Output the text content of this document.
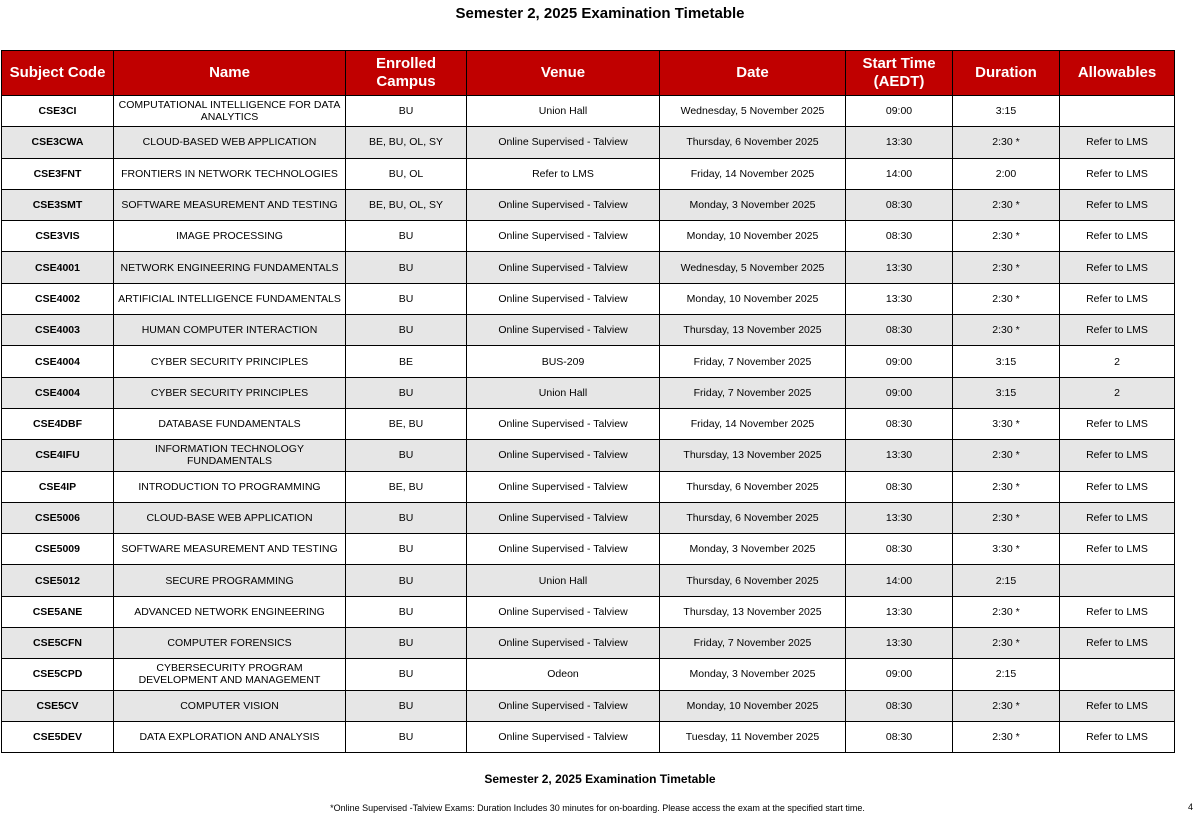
Semester 2, 2025 Examination Timetable
Subject Code	Name	Enrolled Campus	Venue	Date	Start Time (AEDT)	Duration	Allowables
CSE3CI	COMPUTATIONAL INTELLIGENCE FOR DATA ANALYTICS	BU	Union Hall	Wednesday, 5 November 2025	09:00	3:15	
CSE3CWA	CLOUD-BASED WEB APPLICATION	BE, BU, OL, SY	Online Supervised - Talview	Thursday, 6 November 2025	13:30	2:30 *	Refer to LMS
CSE3FNT	FRONTIERS IN NETWORK TECHNOLOGIES	BU, OL	Refer to LMS	Friday, 14 November 2025	14:00	2:00	Refer to LMS
CSE3SMT	SOFTWARE MEASUREMENT AND TESTING	BE, BU, OL, SY	Online Supervised - Talview	Monday, 3 November 2025	08:30	2:30 *	Refer to LMS
CSE3VIS	IMAGE PROCESSING	BU	Online Supervised - Talview	Monday, 10 November 2025	08:30	2:30 *	Refer to LMS
CSE4001	NETWORK ENGINEERING FUNDAMENTALS	BU	Online Supervised - Talview	Wednesday, 5 November 2025	13:30	2:30 *	Refer to LMS
CSE4002	ARTIFICIAL INTELLIGENCE FUNDAMENTALS	BU	Online Supervised - Talview	Monday, 10 November 2025	13:30	2:30 *	Refer to LMS
CSE4003	HUMAN COMPUTER INTERACTION	BU	Online Supervised - Talview	Thursday, 13 November 2025	08:30	2:30 *	Refer to LMS
CSE4004	CYBER SECURITY PRINCIPLES	BE	BUS-209	Friday, 7 November 2025	09:00	3:15	2
CSE4004	CYBER SECURITY PRINCIPLES	BU	Union Hall	Friday, 7 November 2025	09:00	3:15	2
CSE4DBF	DATABASE FUNDAMENTALS	BE, BU	Online Supervised - Talview	Friday, 14 November 2025	08:30	3:30 *	Refer to LMS
CSE4IFU	INFORMATION TECHNOLOGY FUNDAMENTALS	BU	Online Supervised - Talview	Thursday, 13 November 2025	13:30	2:30 *	Refer to LMS
CSE4IP	INTRODUCTION TO PROGRAMMING	BE, BU	Online Supervised - Talview	Thursday, 6 November 2025	08:30	2:30 *	Refer to LMS
CSE5006	CLOUD-BASE WEB APPLICATION	BU	Online Supervised - Talview	Thursday, 6 November 2025	13:30	2:30 *	Refer to LMS
CSE5009	SOFTWARE MEASUREMENT AND TESTING	BU	Online Supervised - Talview	Monday, 3 November 2025	08:30	3:30 *	Refer to LMS
CSE5012	SECURE PROGRAMMING	BU	Union Hall	Thursday, 6 November 2025	14:00	2:15	
CSE5ANE	ADVANCED NETWORK ENGINEERING	BU	Online Supervised - Talview	Thursday, 13 November 2025	13:30	2:30 *	Refer to LMS
CSE5CFN	COMPUTER FORENSICS	BU	Online Supervised - Talview	Friday, 7 November 2025	13:30	2:30 *	Refer to LMS
CSE5CPD	CYBERSECURITY PROGRAM DEVELOPMENT AND MANAGEMENT	BU	Odeon	Monday, 3 November 2025	09:00	2:15	
CSE5CV	COMPUTER VISION	BU	Online Supervised - Talview	Monday, 10 November 2025	08:30	2:30 *	Refer to LMS
CSE5DEV	DATA EXPLORATION AND ANALYSIS	BU	Online Supervised - Talview	Tuesday, 11 November 2025	08:30	2:30 *	Refer to LMS
Semester 2, 2025 Examination Timetable
*Online Supervised -Talview Exams: Duration Includes 30 minutes for on-boarding. Please access the exam at the specified start time.	4
